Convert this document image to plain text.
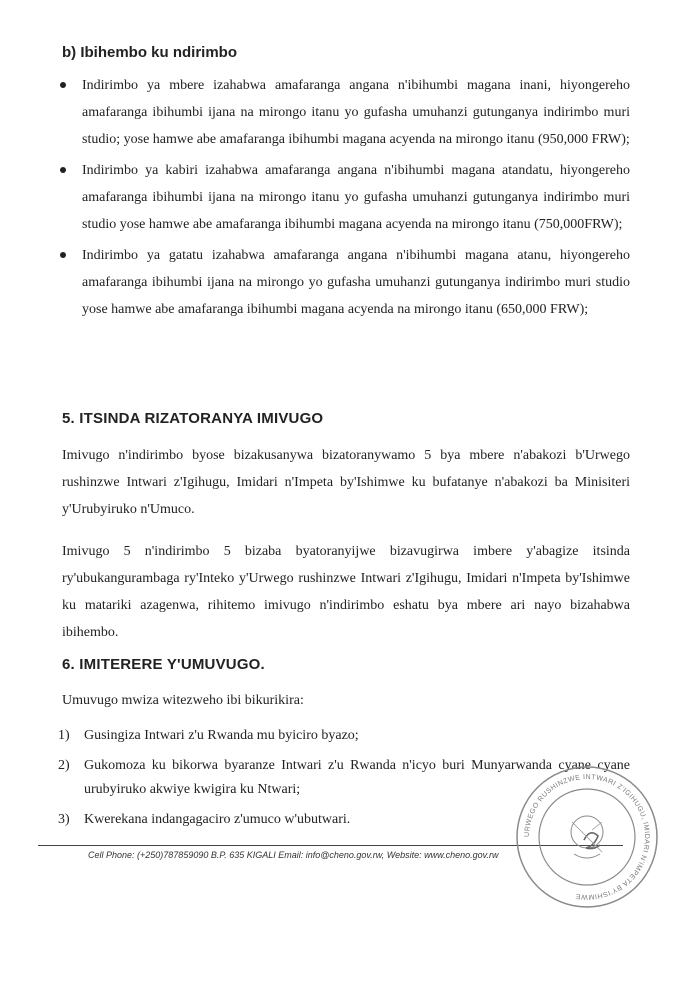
b) Ibihembo ku ndirimbo
Indirimbo ya mbere izahabwa amafaranga angana n'ibihumbi magana inani, hiyongereho amafaranga ibihumbi ijana na mirongo itanu yo gufasha umuhanzi gutunganya indirimbo muri studio; yose hamwe abe amafaranga ibihumbi magana acyenda na mirongo itanu (950,000 FRW);
Indirimbo ya kabiri izahabwa amafaranga angana n'ibihumbi magana atandatu, hiyongereho amafaranga ibihumbi ijana na mirongo itanu yo gufasha umuhanzi gutunganya indirimbo muri studio yose hamwe abe amafaranga ibihumbi magana acyenda na mirongo itanu (750,000FRW);
Indirimbo ya gatatu izahabwa amafaranga angana n'ibihumbi magana atanu, hiyongereho amafaranga ibihumbi ijana na mirongo yo gufasha umuhanzi gutunganya indirimbo muri studio yose hamwe abe amafaranga ibihumbi magana acyenda na mirongo itanu (650,000 FRW);
5. ITSINDA RIZATORANYA IMIVUGO
Imivugo n'indirimbo byose bizakusanywa bizatoranywamo 5 bya mbere n'abakozi b'Urwego rushinzwe Intwari z'Igihugu, Imidari n'Impeta by'Ishimwe ku bufatanye n'abakozi ba Minisiteri y'Urubyiruko n'Umuco.
Imivugo 5 n'indirimbo 5 bizaba byatoranyijwe bizavugirwa imbere y'abagize itsinda ry'ubukangurambaga ry'Inteko y'Urwego rushinzwe Intwari z'Igihugu, Imidari n'Impeta by'Ishimwe ku matariki azagenwa, rihitemo imivugo n'indirimbo eshatu bya mbere ari nayo bizahabwa ibihembo.
6. IMITERERE Y'UMUVUGO.
Umuvugo mwiza witezweho ibi bikurikira:
1) Gusingiza Intwari z'u Rwanda mu byiciro byazo;
2) Gukomoza ku bikorwa byaranze Intwari z'u Rwanda n'icyo buri Munyarwanda cyane cyane urubyiruko akwiye kwigira ku Ntwari;
3) Kwerekana indangagaciro z'umuco w'ubutwari.
Cell Phone: (+250)787859090 B.P. 635 KIGALI Email: info@cheno.gov.rw, Website: www.cheno.gov.rw
URWEGO RUSHINZWE INTWARI Z'IGIHUGU, IMIDARI N'IMPETA BY'ISHIMWE
